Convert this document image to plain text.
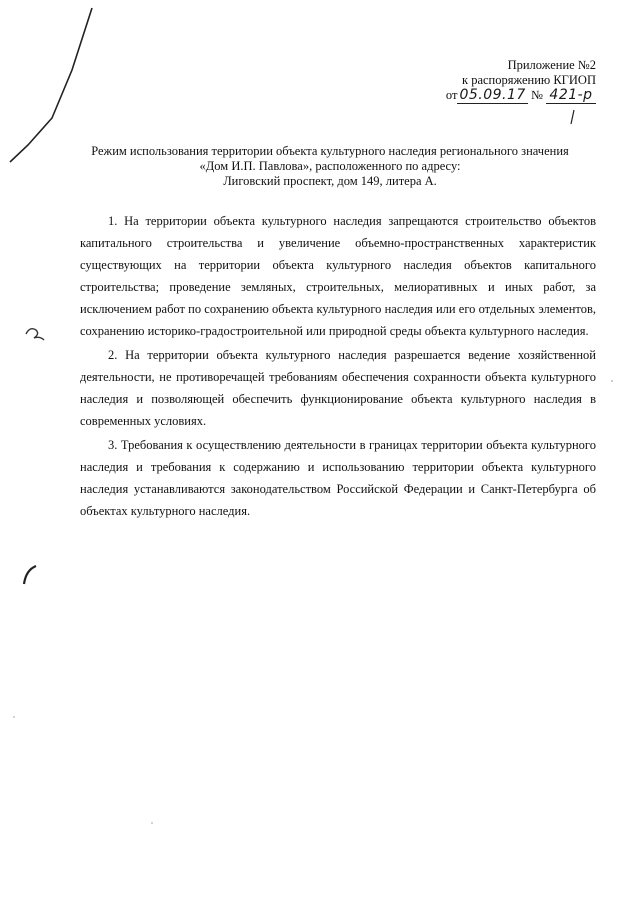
Приложение №2
к распоряжению КГИОП
от 05.09.17 № 421-р
Режим использования территории объекта культурного наследия регионального значения
«Дом И.П. Павлова», расположенного по адресу:
Лиговский проспект, дом 149, литера А.

1. На территории объекта культурного наследия запрещаются строительство объектов капитального строительства и увеличение объемно-пространственных характеристик существующих на территории объекта культурного наследия объектов капитального строительства; проведение земляных, строительных, мелиоративных и иных работ, за исключением работ по сохранению объекта культурного наследия или его отдельных элементов, сохранению историко-градостроительной или природной среды объекта культурного наследия.

2. На территории объекта культурного наследия разрешается ведение хозяйственной деятельности, не противоречащей требованиям обеспечения сохранности объекта культурного наследия и позволяющей обеспечить функционирование объекта культурного наследия в современных условиях.

3. Требования к осуществлению деятельности в границах территории объекта культурного наследия и требования к содержанию и использованию территории объекта культурного наследия устанавливаются законодательством Российской Федерации и Санкт-Петербурга об объектах культурного наследия.
